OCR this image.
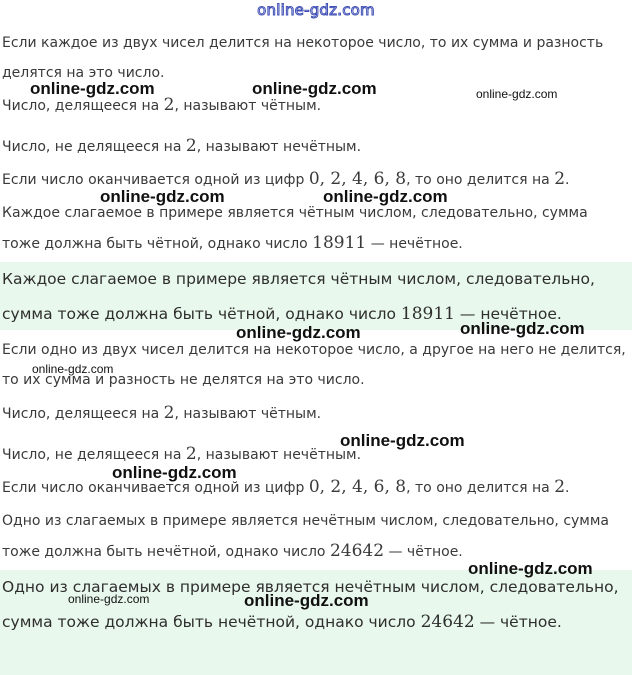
online-gdz.com

Если каждое из двух чисел делится на некоторое число, то их сумма и разность делятся на это число.

Число, делящееся на 2, называют чётным.

Число, не делящееся на 2, называют нечётным.

Если число оканчивается одной из цифр 0, 2, 4, 6, 8, то оно делится на 2.

Каждое слагаемое в примере является чётным числом, следовательно, сумма тоже должна быть чётной, однако число 18911 — нечётное.

Каждое слагаемое в примере является чётным числом, следовательно, сумма тоже должна быть чётной, однако число 18911 — нечётное.

Если одно из двух чисел делится на некоторое число, а другое на него не делится, то их сумма и разность не делятся на это число.

Число, делящееся на 2, называют чётным.

Число, не делящееся на 2, называют нечётным.

Если число оканчивается одной из цифр 0, 2, 4, 6, 8, то оно делится на 2.

Одно из слагаемых в примере является нечётным числом, следовательно, сумма тоже должна быть нечётной, однако число 24642 — чётное.

Одно из слагаемых в примере является нечётным числом, следовательно, сумма тоже должна быть нечётной, однако число 24642 — чётное.

online-gdz.com	online-gdz.com	online-gdz.com
online-gdz.com	online-gdz.com
online-gdz.com	online-gdz.com
online-gdz.com
online-gdz.com
online-gdz.com
online-gdz.com
online-gdz.com	online-gdz.com
